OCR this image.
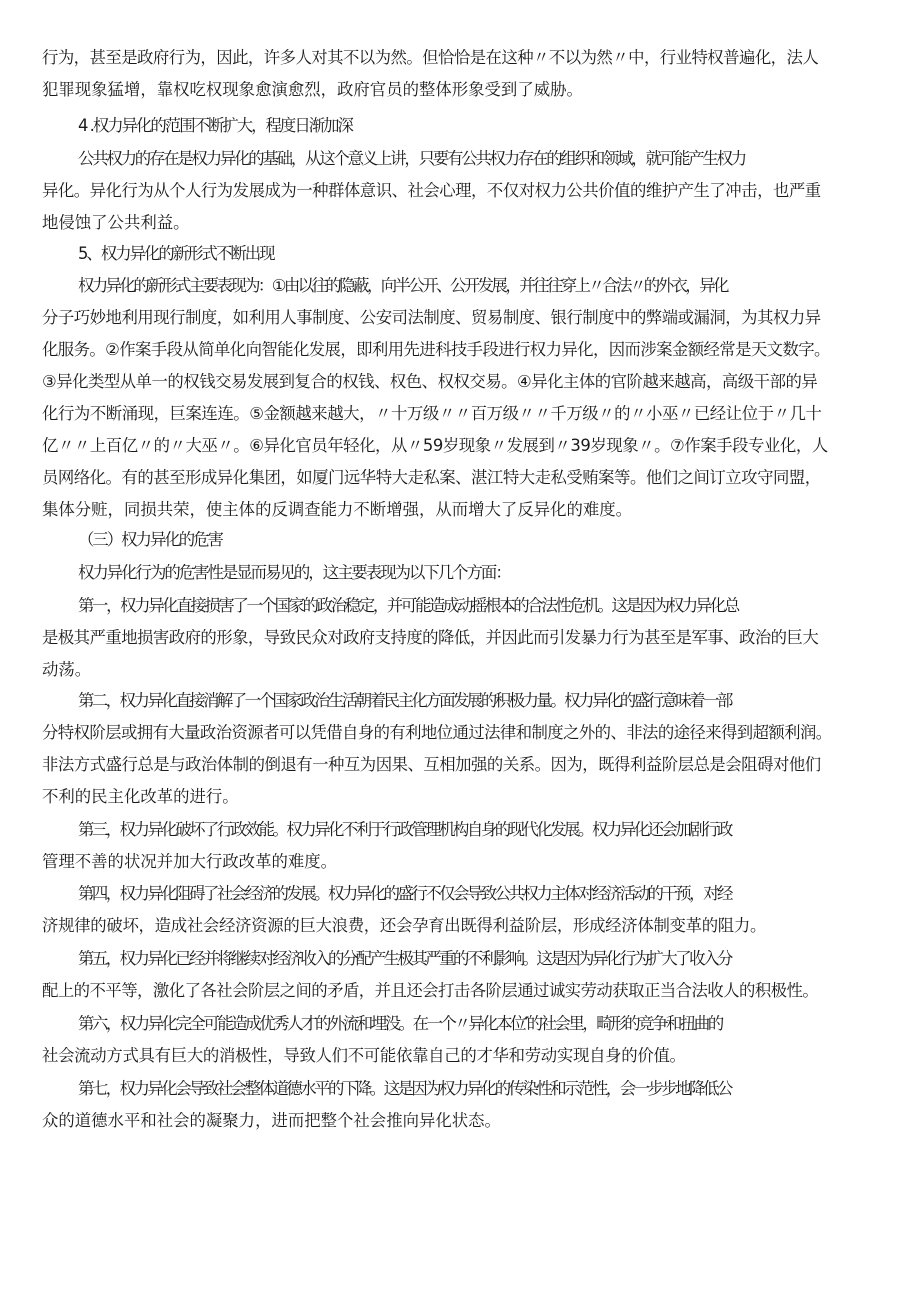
行为，甚至是政府行为，因此，许多人对其不以为然。但恰恰是在这种〃不以为然〃中，行业特权普遍化，法人
犯罪现象猛增，靠权吃权现象愈演愈烈，政府官员的整体形象受到了威胁。
4 .权力异化的范围不断扩大，程度日渐加深
公共权力的存在是权力异化的基础，从这个意义上讲，只要有公共权力存在的组织和领域，就可能产生权力
异化。异化行为从个人行为发展成为一种群体意识、社会心理，不仅对权力公共价值的维护产生了冲击，也严重
地侵蚀了公共利益。
5、权力异化的新形式不断出现
权力异化的新形式主要表现为：①由以往的隐蔽，向半公开、公开发展，并往往穿上〃合法〃的外衣，异化
分子巧妙地利用现行制度，如利用人事制度、公安司法制度、贸易制度、银行制度中的弊端或漏洞，为其权力异
化服务。②作案手段从简单化向智能化发展，即利用先进科技手段进行权力异化，因而涉案金额经常是天文数字。
③异化类型从单一的权钱交易发展到复合的权钱、权色、权权交易。④异化主体的官阶越来越高，高级干部的异
化行为不断涌现，巨案连连。⑤金额越来越大，〃十万级〃〃百万级〃〃千万级〃的〃小巫〃已经让位于〃几十
亿〃〃上百亿〃的〃大巫〃。⑥异化官员年轻化，从〃59岁现象〃发展到〃39岁现象〃。⑦作案手段专业化，人
员网络化。有的甚至形成异化集团，如厦门远华特大走私案、湛江特大走私受贿案等。他们之间订立攻守同盟，
集体分赃，同损共荣，使主体的反调查能力不断增强，从而增大了反异化的难度。
（三）权力异化的危害
权力异化行为的危害性是显而易见的，这主要表现为以下几个方面：
第一，权力异化直接损害了一个国家的政治稳定，并可能造成动摇根本的合法性危机。这是因为权力异化总
是极其严重地损害政府的形象，导致民众对政府支持度的降低，并因此而引发暴力行为甚至是军事、政治的巨大
动荡。
第二，权力异化直接消解了一个国家政治生活朝着民主化方面发展的积极力量。权力异化的盛行意味着一部
分特权阶层或拥有大量政治资源者可以凭借自身的有利地位通过法律和制度之外的、非法的途径来得到超额利润。
非法方式盛行总是与政治体制的倒退有一种互为因果、互相加强的关系。因为，既得利益阶层总是会阻碍对他们
不利的民主化改革的进行。
第三，权力异化破坏了行政效能。权力异化不利于行政管理机构自身的现代化发展。权力异化还会加剧行政
管理不善的状况并加大行政改革的难度。
第四，权力异化阻碍了社会经济的发展。权力异化的盛行不仅会导致公共权力主体对经济活动的干预，对经
济规律的破坏，造成社会经济资源的巨大浪费，还会孕育出既得利益阶层，形成经济体制变革的阻力。
第五，权力异化已经并将继续对经济收入的分配产生极其严重的不利影响。这是因为异化行为扩大了收入分
配上的不平等，激化了各社会阶层之间的矛盾，并且还会打击各阶层通过诚实劳动获取正当合法收人的积极性。
第六，权力异化完全可能造成优秀人才的外流和埋没。在一个〃异化本位′′的社会里，畸形的竞争和扭曲的
社会流动方式具有巨大的消极性，导致人们不可能依靠自己的才华和劳动实现自身的价值。
第七，权力异化会导致社会整体道德水平的下降。这是因为权力异化的传染性和示范性，会一步步地降低公
众的道德水平和社会的凝聚力，进而把整个社会推向异化状态。
